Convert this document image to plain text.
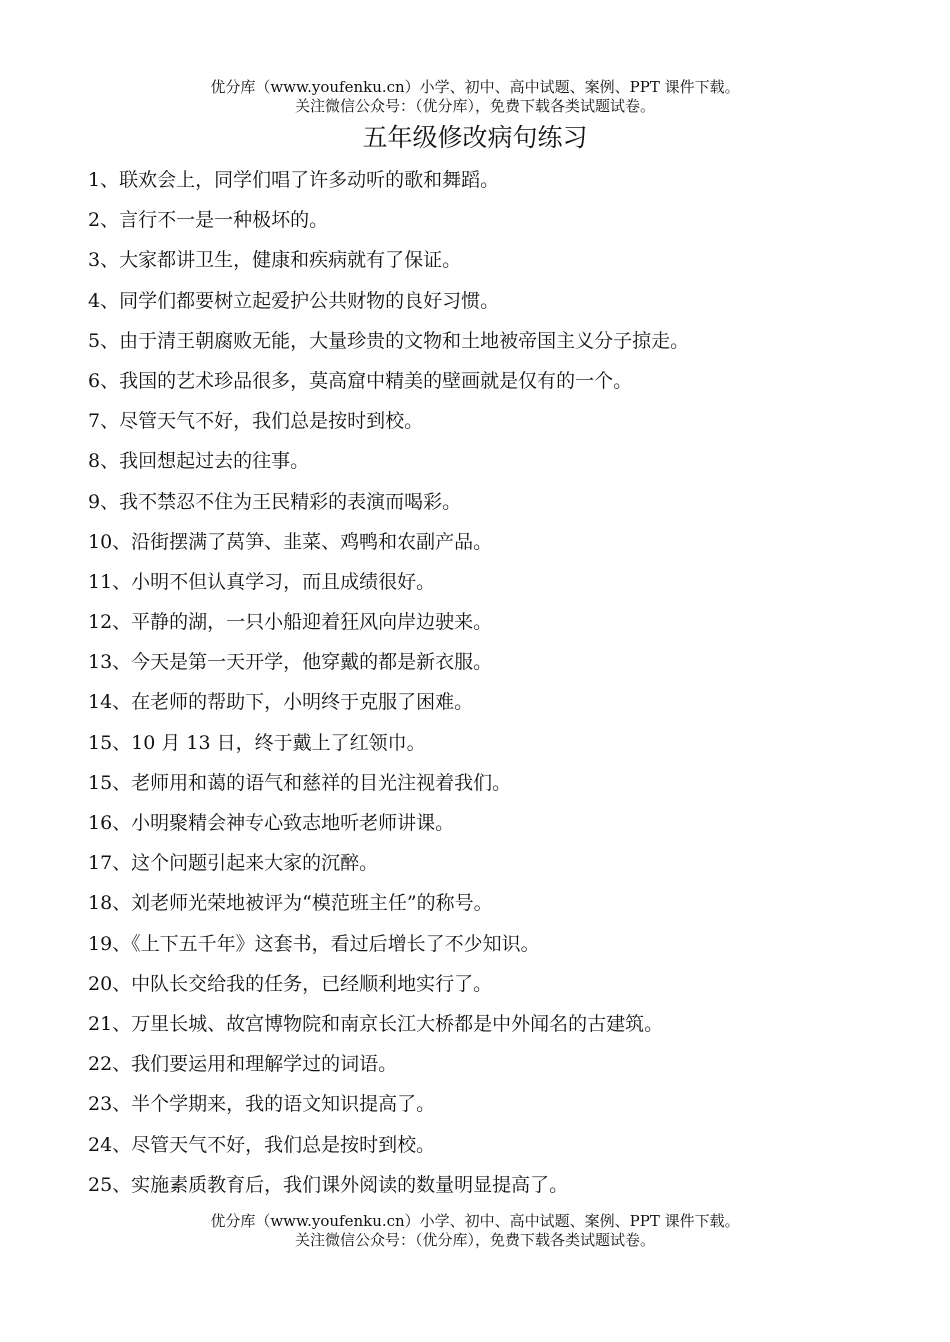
优分库（www.youfenku.cn）小学、初中、高中试题、案例、PPT 课件下载。
关注微信公众号：（优分库），免费下载各类试题试卷。
五年级修改病句练习
1、联欢会上，同学们唱了许多动听的歌和舞蹈。
2、言行不一是一种极坏的。
3、大家都讲卫生，健康和疾病就有了保证。
4、同学们都要树立起爱护公共财物的良好习惯。
5、由于清王朝腐败无能，大量珍贵的文物和土地被帝国主义分子掠走。
6、我国的艺术珍品很多，莫高窟中精美的壁画就是仅有的一个。
7、尽管天气不好，我们总是按时到校。
8、我回想起过去的往事。
9、我不禁忍不住为王民精彩的表演而喝彩。
10、沿街摆满了莴笋、韭菜、鸡鸭和农副产品。
11、小明不但认真学习，而且成绩很好。
12、平静的湖，一只小船迎着狂风向岸边驶来。
13、今天是第一天开学，他穿戴的都是新衣服。
14、在老师的帮助下，小明终于克服了困难。
15、10 月 13 日，终于戴上了红领巾。
15、老师用和蔼的语气和慈祥的目光注视着我们。
16、小明聚精会神专心致志地听老师讲课。
17、这个问题引起来大家的沉醉。
18、刘老师光荣地被评为“模范班主任”的称号。
19、《上下五千年》这套书，看过后增长了不少知识。
20、中队长交给我的任务，已经顺利地实行了。
21、万里长城、故宫博物院和南京长江大桥都是中外闻名的古建筑。
22、我们要运用和理解学过的词语。
23、半个学期来，我的语文知识提高了。
24、尽管天气不好，我们总是按时到校。
25、实施素质教育后，我们课外阅读的数量明显提高了。
优分库（www.youfenku.cn）小学、初中、高中试题、案例、PPT 课件下载。
关注微信公众号：（优分库），免费下载各类试题试卷。
